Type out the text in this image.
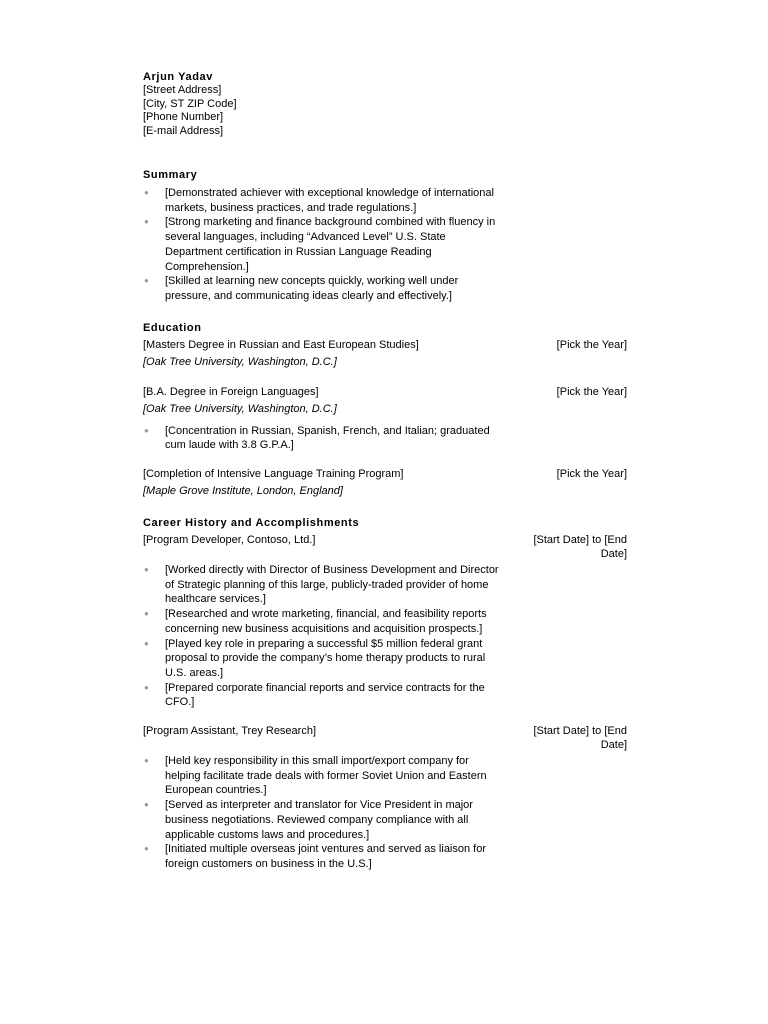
Arjun Yadav
[Street Address]
[City, ST ZIP Code]
[Phone Number]
[E-mail Address]
Summary
● [Demonstrated achiever with exceptional knowledge of international markets, business practices, and trade regulations.]
● [Strong marketing and finance background combined with fluency in several languages, including “Advanced Level” U.S. State Department certification in Russian Language Reading Comprehension.]
● [Skilled at learning new concepts quickly, working well under pressure, and communicating ideas clearly and effectively.]
Education
[Masters Degree in Russian and East European Studies]	[Pick the Year]
[Oak Tree University, Washington, D.C.]
[B.A. Degree in Foreign Languages]	[Pick the Year]
[Oak Tree University, Washington, D.C.]
● [Concentration in Russian, Spanish, French, and Italian; graduated cum laude with 3.8 G.P.A.]
[Completion of Intensive Language Training Program]	[Pick the Year]
[Maple Grove Institute, London, England]
Career History and Accomplishments
[Program Developer, Contoso, Ltd.]	[Start Date] to [End Date]
● [Worked directly with Director of Business Development and Director of Strategic planning of this large, publicly-traded provider of home healthcare services.]
● [Researched and wrote marketing, financial, and feasibility reports concerning new business acquisitions and acquisition prospects.]
● [Played key role in preparing a successful $5 million federal grant proposal to provide the company’s home therapy products to rural U.S. areas.]
● [Prepared corporate financial reports and service contracts for the CFO.]
[Program Assistant, Trey Research]	[Start Date] to [End Date]
● [Held key responsibility in this small import/export company for helping facilitate trade deals with former Soviet Union and Eastern European countries.]
● [Served as interpreter and translator for Vice President in major business negotiations. Reviewed company compliance with all applicable customs laws and procedures.]
● [Initiated multiple overseas joint ventures and served as liaison for foreign customers on business in the U.S.]
